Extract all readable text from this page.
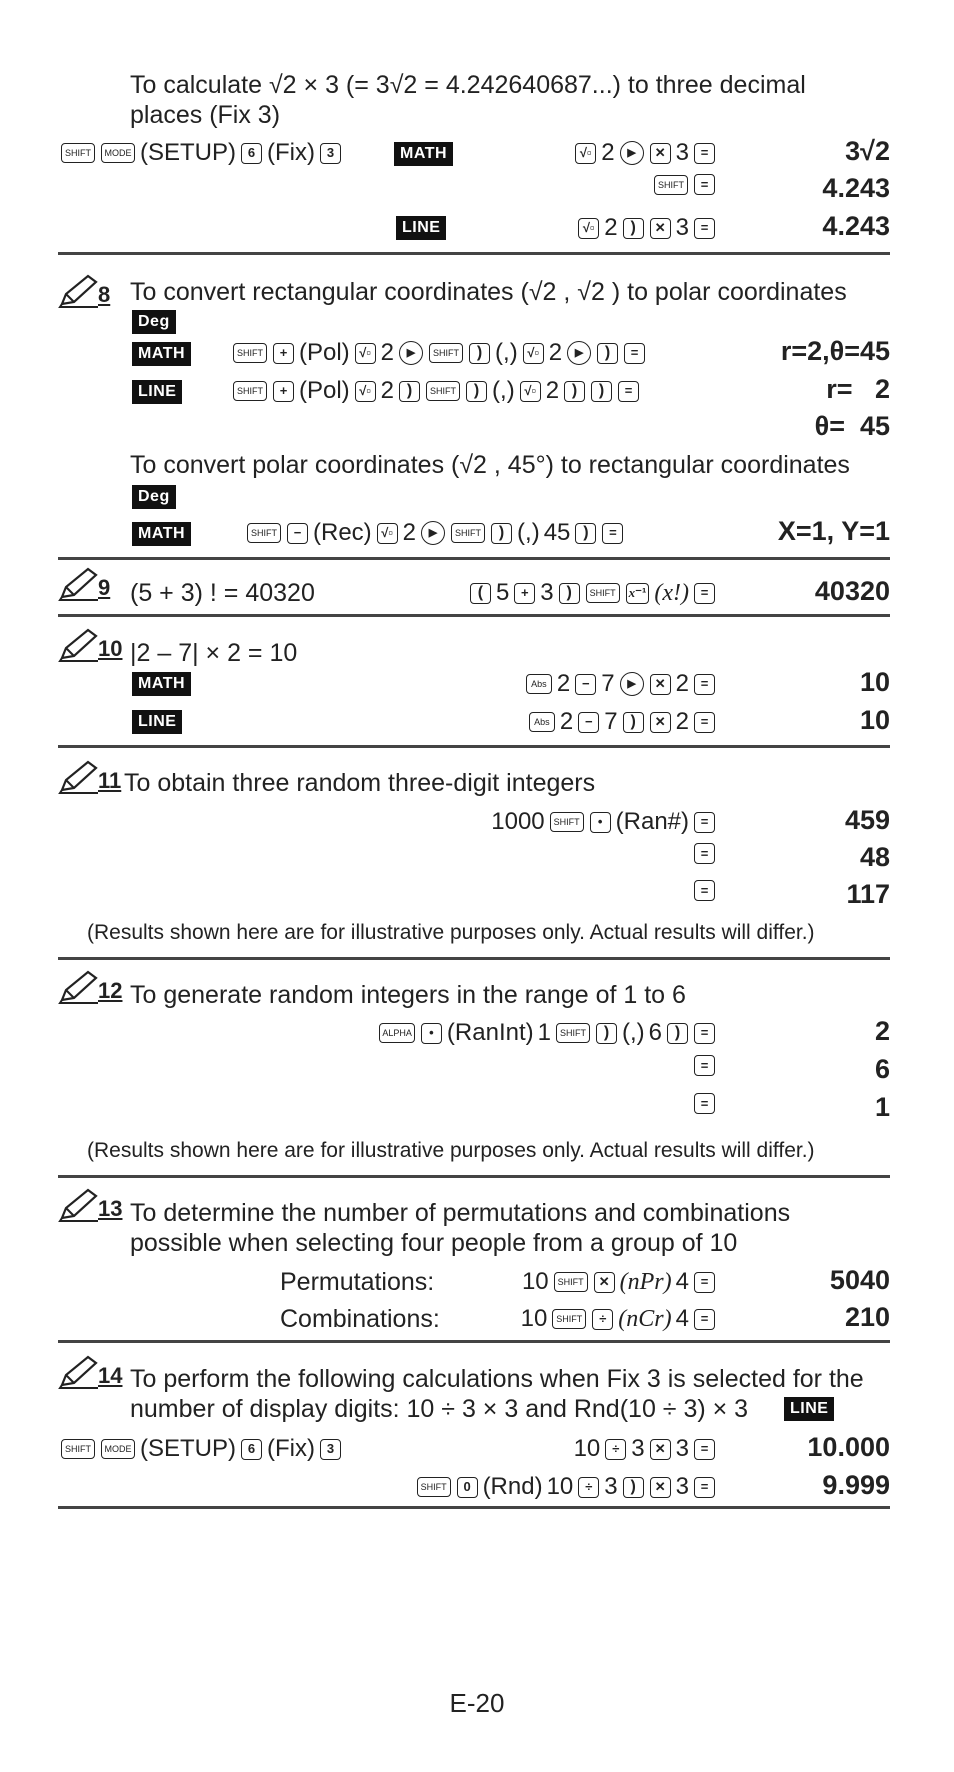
To calculate √2 × 3 (= 3√2 = 4.242640687...) to three decimal
places (Fix 3)
SHIFT	MODE (SETUP) 6 (Fix) 3	MATH	√▫ 2	▶	✕ 3 =	3√2
SHIFT	=	4.243
LINE	√▫ 2 )	✕ 3 =	4.243
8 To convert rectangular coordinates (√2 , √2 ) to polar coordinates
Deg
MATH	SHIFT	+ (Pol) √▫ 2	▶	SHIFT	) (,) √▫ 2	▶	)	=	r=2,θ=45
LINE	SHIFT	+ (Pol) √▫ 2 )	SHIFT	) (,) √▫ 2 )	)	=	r=   2
θ=  45
To convert polar coordinates (√2 , 45°) to rectangular coordinates
Deg
MATH	SHIFT	− (Rec) √▫ 2	▶	SHIFT	) (,) 45 )	=	X=1, Y=1
9 (5 + 3) ! = 40320	( 5 + 3 )	SHIFT	x ⁻¹ (x!) =	40320
10 |2 – 7| × 2 = 10
MATH	Abs 2 − 7	▶	✕ 2 =	10
LINE	Abs 2 − 7 )	✕ 2 =	10
11 To obtain three random three-digit integers
1000	SHIFT	• (Ran#) =	459
=	48
=	117
(Results shown here are for illustrative purposes only. Actual results will differ.)
12 To generate random integers in the range of 1 to 6
ALPHA	• (RanInt) 1	SHIFT	) (,) 6 )	=	2
=	6
=	1
(Results shown here are for illustrative purposes only. Actual results will differ.)
13 To determine the number of permutations and combinations
possible when selecting four people from a group of 10
Permutations:	10	SHIFT	✕ (nPr) 4 =	5040
Combinations:	10	SHIFT	÷ (nCr) 4 =	210
14 To perform the following calculations when Fix 3 is selected for the
number of display digits: 10 ÷ 3 × 3 and Rnd(10 ÷ 3) × 3	LINE
SHIFT	MODE (SETUP) 6 (Fix) 3	10 ÷ 3 ✕ 3 =	10.000
SHIFT	0 (Rnd) 10 ÷ 3 )	✕ 3 =	9.999
E-20
